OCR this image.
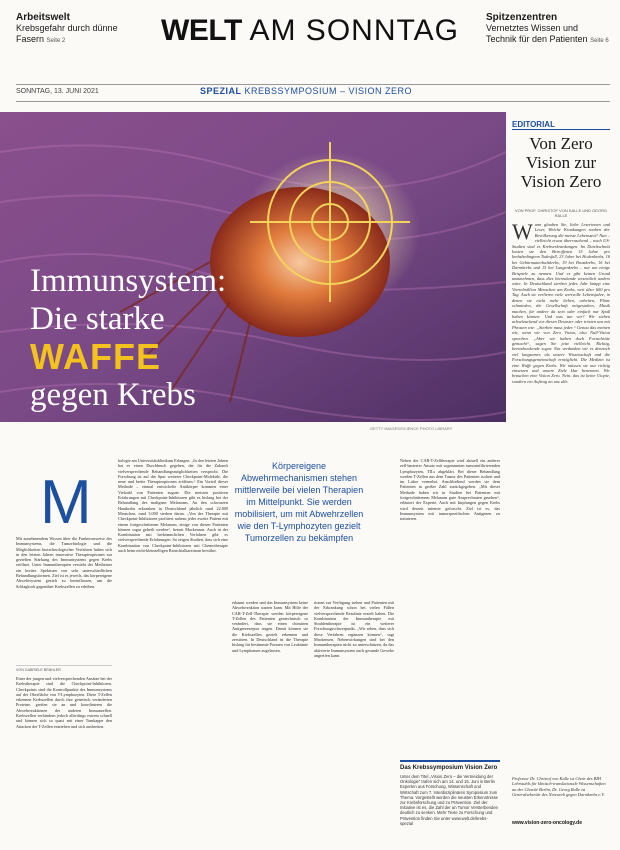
Arbeitswelt
Krebsgefahr durch dünne Fasern Seite 2	WELT AM SONNTAG	Spitzenzentren
Vernetztes Wissen und Technik für den Patienten Seite 6
SONNTAG, 13. JUNI 2021	SPEZIAL KREBSSYMPOSIUM – VISION ZERO
Immunsystem:
Die starke
WAFFE
gegen Krebs
GETTY IMAGES/SCIENCE PHOTO LIBRARY
EDITORIAL
Von Zero Vision zur Vision Zero
VON PROF. CHRISTOF VON KALLE UND GEORG RALLE
Wann glauben Sie, liebe Leserinnen und Leser, Welche Krankungen rauben der Bevölkerung die meiste Lebenszeit? Nun – vielleicht etwas überraschend – nach US-Studien sind es Krebserkrankungen. Im Durchschnitt kosten sie den Betroffenen 15 Jahre pro krebsbedingtem Todesfall, 23 Jahre bei Hodenkrebs, 16 bei Gebärmutterhalskrebs, 19 bei Brustkrebs, 16 bei Darmkrebs und 15 bei Lungenkrebs – nur um einige Beispiele zu nennen. Und es gibt keinen Grund anzunehmen, dass dies hierzulande wesentlich anders wäre. In Deutschland sterben jedes Jahr knapp eine Viertelmillion Menschen am Krebs, weit über 600 pro Tag. Auch sie verlieren viele wertvolle Lebensjahre, in denen sie nicht mehr lieben, arbeiten, Pläne schmieden, die Gesellschaft mitgestalten, Musik machen, für andere da sein oder einfach nur Spaß haben können. Und was tun wir? Wir stehen achselzuckend vor diesen Desaster oder trösten uns mit Phrasen wie: „Sterben muss jeder.“ Genau das meinen wir, wenn wir von Zero Vision, also Null-Vision sprechen. „Aber wir haben doch Fortschritte gemacht“, sagen Sie jetzt vielleicht. Richtig, beeindruckende sogar. Nur verdanken wir es dennoch viel langsamer, als unsere Wissenschaft und die Forschungsgemeinschaft ermöglicht. Die Medizin ist eine Waffe gegen Krebs. Wir müssen sie nur richtig einsetzen und unsere Ziele klar benennen. Wir brauchen eine Vision Zero. Nein, das ist keine Utopie, sondern ein Auftrag an uns alle.
Professor Dr. Christof von Kalle ist Chair des BIH Lehrstuhls für klinisch-translationale Wissenschaften an der Charité Berlin, Dr. Georg Ralle ist Generalsekretär des Netzwerk gegen Darmkrebs e.V.
www.vision-zero-oncology.de
M
Mit zunehmendem Wissen über die Funktionsweise des Immunsystems, die Tumorbiologie und die Möglichkeiten biotechnologischer Verfahren haben sich in den letzten Jahren innovative Therapieoptionen zur gezielten Stärkung des Immunsystems gegen Krebs eröffnet. Unter Immuntherapien versteht der Mediziner ein breites Spektrum von sehr unterschiedlichen Behandlungsformen. Ziel ist es jeweils, das körpereigene Abwehrsystem gezielt zu beeinflussen, um die Schlagkraft gegenüber Krebszellen zu erhöhen.
VON GABRIELE BRÄHLER
Einer der jungen und vielversprechenden Ansätze bei der Krebstherapie sind die Checkpoint-Inhibitoren. Checkpoints sind die Kontrollpunkte des Immunsystems auf der Oberfläche von T-Lymphozyten. Diese T-Zellen erkennen Krebszellen durch ihre genetisch veränderten Proteine, greifen sie an und koordinieren die Abwehrreaktionen der anderen Immunzellen. Krebszellen verhindern jedoch allerdings extrem schnell und können sich so quasi mit einer Tarnkappe den Attacken der T-Zellen entziehen und sich ausbreiten.
kologie am Universitätsklinikum Erlangen. „In den letzten Jahren hat es einen Durchbruch gegeben, der für die Zukunft vielversprechende Behandlungsmöglichkeiten verspricht. Die Forschung ist auf der Spur weiterer Checkpoint-Moleküle, die neue und breite Therapieoptionen eröffnen.“ Ein Vorteil dieser Methode – einmal entwickelte Antikörper kommen einer Vielzahl von Patienten zugute. Die meisten positiven Erfahrungen mit Checkpoint-Inhibitoren gibt es bislang bei der Behandlung des malignen Melanoms. An den schwarzen Hautkrebs erkranken in Deutschland jährlich rund 22.000 Menschen, rund 3.000 sterben daran. „Von der Therapie mit Checkpoint-Inhibitoren profitiert nahezu jeder zweite Patient mit einem fortgeschrittenen Melanom, einige von diesen Patienten können sogar geheilt werden“, betont Mackensen. Auch in der Kombination mit herkömmlichen Verfahren gibt es vielversprechende Erfahrungen. So zeigen Studien, dass sich eine Kombination von Checkpoint-Inhibitoren mit Chemotherapie auch beim nicht-kleinzelligen Bronchialkarzinom bewährt.
Körpereigene Abwehrmechanismen stehen mittlerweile bei vielen Therapien im Mittelpunkt. Sie werden mobilisiert, um mit Abwehrzellen wie den T-Lymphozyten gezielt Tumorzellen zu bekämpfen
erkannt werden und das Immunsystem keine Abwehrreaktion starten kann. Mit Hilfe der CAR-T-Zell-Therapie werden körpereigene T-Zellen des Patienten gentechnisch so verändert, dass sie einen chimären Antigenrezeptor tragen. Damit können sie die Krebszellen gezielt erkennen und zerstören. In Deutschland ist die Therapie bislang für bestimmte Formen von Leukämie und Lymphomen zugelassen.
tionen zur Verfügung stehen und Patienten mit der Erkrankung schon bei vielen Fällen vielversprechende Resultate erzielt haben. Die Kombination der Immuntherapie mit Strahlentherapie ist ein weiterer Forschungsschwerpunkt. „Wir sehen, dass sich diese Verfahren ergänzen können“, sagt Mackensen. Nebenwirkungen sind bei den Immuntherapien nicht zu unterschätzen, da das aktivierte Immunsystem auch gesunde Gewebe angreifen kann.
Neben der CAR-T-Zelltherapie wird aktuell ein anderer zell-basierter Ansatz mit sogenannten tumorinfiltrierenden Lymphozyten, TILs abgeklärt. Bei dieser Behandlung werden T-Zellen aus dem Tumor des Patienten isoliert und im Labor vermehrt. Anschließend werden sie dem Patienten in großer Zahl zurückgegeben. „Mit dieser Methode haben wir in Studien bei Patienten mit fortgeschrittenem Melanom gute Ansprechraten gesehen“, erläutert der Experte. Auch mit Impfungen gegen Krebs wird derzeit intensiv geforscht. Ziel ist es, das Immunsystem mit tumorspezifischen Antigenen zu trainieren.
Das Krebssymposium Vision Zero
Unter dem Titel „Vision Zero – die Vermeidung der Onkologie“ trafen sich am 14. und 15. Juni in Berlin Experten aus Forschung, Wissenschaft und Wirtschaft zum 7. Interdisziplinären Symposium zum Thema. Vorgestellt werden die neusten Erkenntnisse zur Krebsforschung und zu Prävention. Ziel der Initiative ist es, die Zahl der an Tumor Versterbenden deutlich zu senken. Mehr Texte zu Forschung und Prävention finden Sie unter www.welt.de/krebs-spezial
